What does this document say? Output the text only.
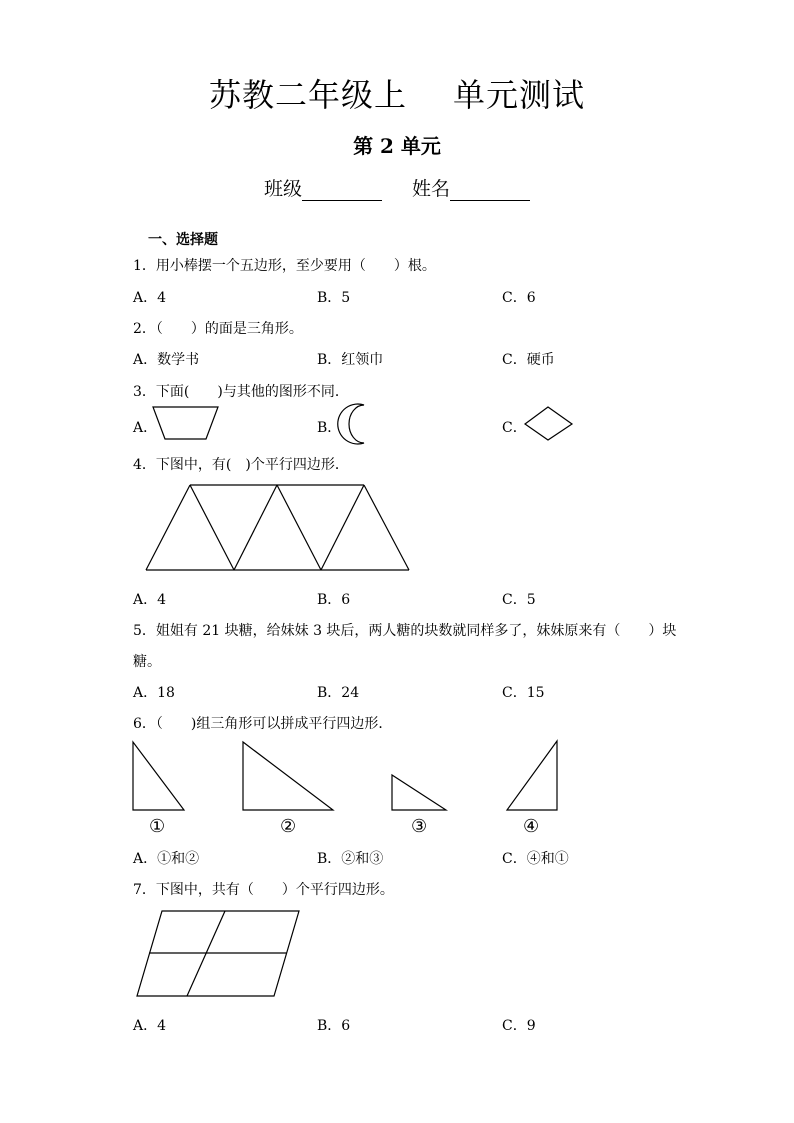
苏教二年级上 单元测试
第 2 单元
班级	姓名
一、选择题
1．用小棒摆一个五边形，至少要用（　　）根。
A．4	B．5	C．6
2．（　　）的面是三角形。
A．数学书	B．红领巾	C．硬币
3．下面(　　)与其他的图形不同．
A．	B．	C．
4．下图中，有(　)个平行四边形．
A．4	B．6	C．5
5．姐姐有 21 块糖，给妹妹 3 块后，两人糖的块数就同样多了，妹妹原来有（　　）块
糖。
A．18	B．24	C．15
6．（　　)组三角形可以拼成平行四边形．
①	②	③	④
A．①和②	B．②和③	C．④和①
7．下图中，共有（　　）个平行四边形。
A．4	B．6	C．9
